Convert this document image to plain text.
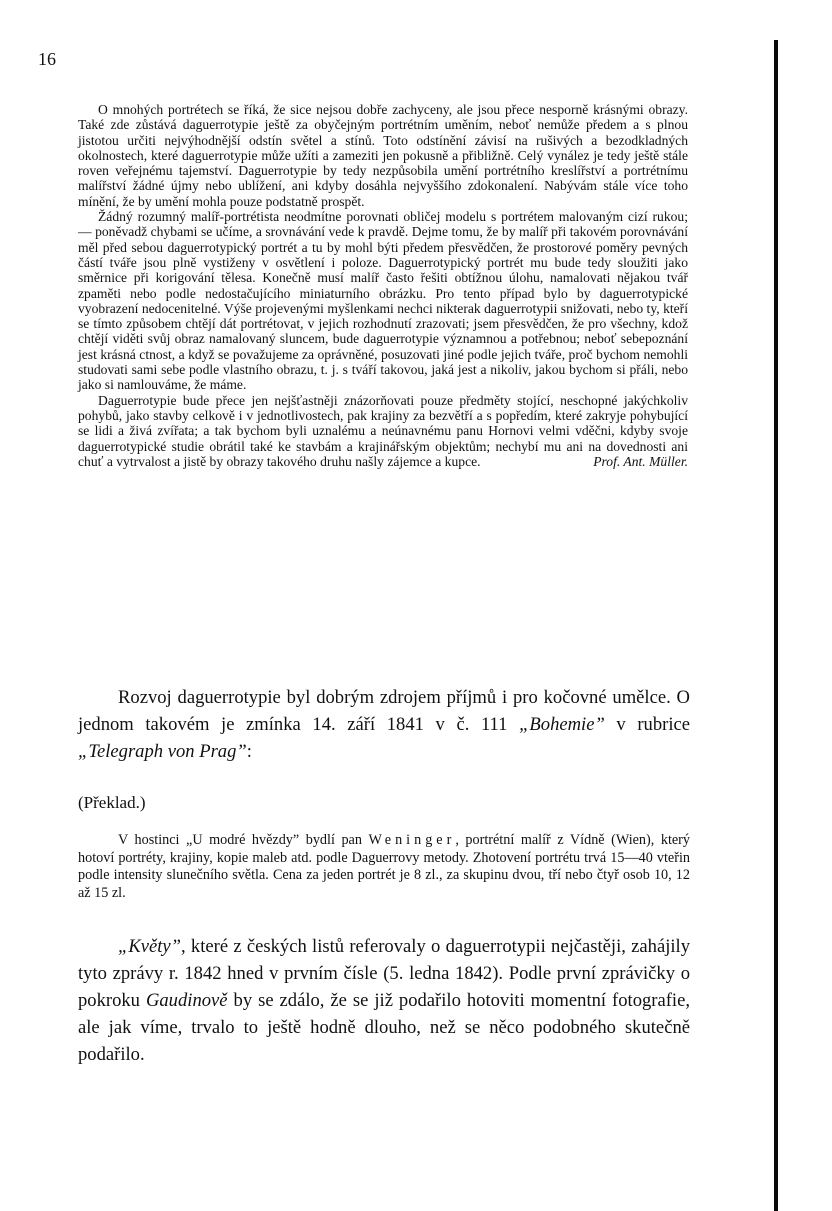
16

O mnohých portrétech se říká, že sice nejsou dobře zachyceny, ale jsou přece nesporně krásnými obrazy. Také zde zůstává daguerrotypie ještě za obyčejným portrétním uměním, neboť nemůže předem a s plnou jistotou určiti nejvýhodnější odstín světel a stínů. Toto odstínění závisí na rušivých a bezodkladných okolnostech, které daguerrotypie může užíti a zameziti jen pokusně a přibližně. Celý vynález je tedy ještě stále roven veřejnému tajemství. Daguerrotypie by tedy nezpůsobila umění portrétního kreslířství a portrétnímu malířství žádné újmy nebo ublížení, ani kdyby dosáhla nejvyššího zdokonalení. Nabývám stále více toho mínění, že by umění mohla pouze podstatně prospět.

Žádný rozumný malíř-portrétista neodmítne porovnati obličej modelu s portrétem malovaným cizí rukou; — poněvadž chybami se učíme, a srovnávání vede k pravdě. Dejme tomu, že by malíř při takovém porovnávání měl před sebou daguerrotypický portrét a tu by mohl býti předem přesvědčen, že prostorové poměry pevných částí tváře jsou plně vystiženy v osvětlení i poloze. Daguerrotypický portrét mu bude tedy sloužiti jako směrnice při korigování tělesa. Konečně musí malíř často řešiti obtížnou úlohu, namalovati nějakou tvář zpaměti nebo podle nedostačujícího miniaturního obrázku. Pro tento případ bylo by daguerrotypické vyobrazení nedocenitelné. Výše projevenými myšlenkami nechci nikterak daguerrotypii snižovati, nebo ty, kteří se tímto způsobem chtějí dát portrétovat, v jejich rozhodnutí zrazovati; jsem přesvědčen, že pro všechny, kdož chtějí viděti svůj obraz namalovaný sluncem, bude daguerrotypie významnou a potřebnou; neboť sebepoznání jest krásná ctnost, a když se považujeme za oprávněné, posuzovati jiné podle jejich tváře, proč bychom nemohli studovati sami sebe podle vlastního obrazu, t. j. s tváří takovou, jaká jest a nikoliv, jakou bychom si přáli, nebo jako si namlouváme, že máme.

Daguerrotypie bude přece jen nejšťastněji znázorňovati pouze předměty stojící, neschopné jakýchkoliv pohybů, jako stavby celkově i v jednotlivostech, pak krajiny za bezvětří a s popředím, které zakryje pohybující se lidi a živá zvířata; a tak bychom byli uznalému a neúnavnému panu Hornovi velmi vděčni, kdyby svoje daguerrotypické studie obrátil také ke stavbám a krajinářským objektům; nechybí mu ani na dovednosti ani chuť a vytrvalost a jistě by obrazy takového druhu našly zájemce a kupce.	Prof. Ant. Müller.

Rozvoj daguerrotypie byl dobrým zdrojem příjmů i pro kočovné umělce. O jednom takovém je zmínka 14. září 1841 v č. 111 „Bohemie” v rubrice „Telegraph von Prag”:

(Překlad.)

V hostinci „U modré hvězdy” bydlí pan Weninger, portrétní malíř z Vídně (Wien), který hotoví portréty, krajiny, kopie maleb atd. podle Daguerrovy metody. Zhotovení portrétu trvá 15—40 vteřin podle intensity slunečního světla. Cena za jeden portrét je 8 zl., za skupinu dvou, tří nebo čtyř osob 10, 12 až 15 zl.

„Květy”, které z českých listů referovaly o daguerrotypii nejčastěji, zahájily tyto zprávy r. 1842 hned v prvním čísle (5. ledna 1842). Podle první zprávičky o pokroku Gaudinově by se zdálo, že se již podařilo hotoviti momentní fotografie, ale jak víme, trvalo to ještě hodně dlouho, než se něco podobného skutečně podařilo.
